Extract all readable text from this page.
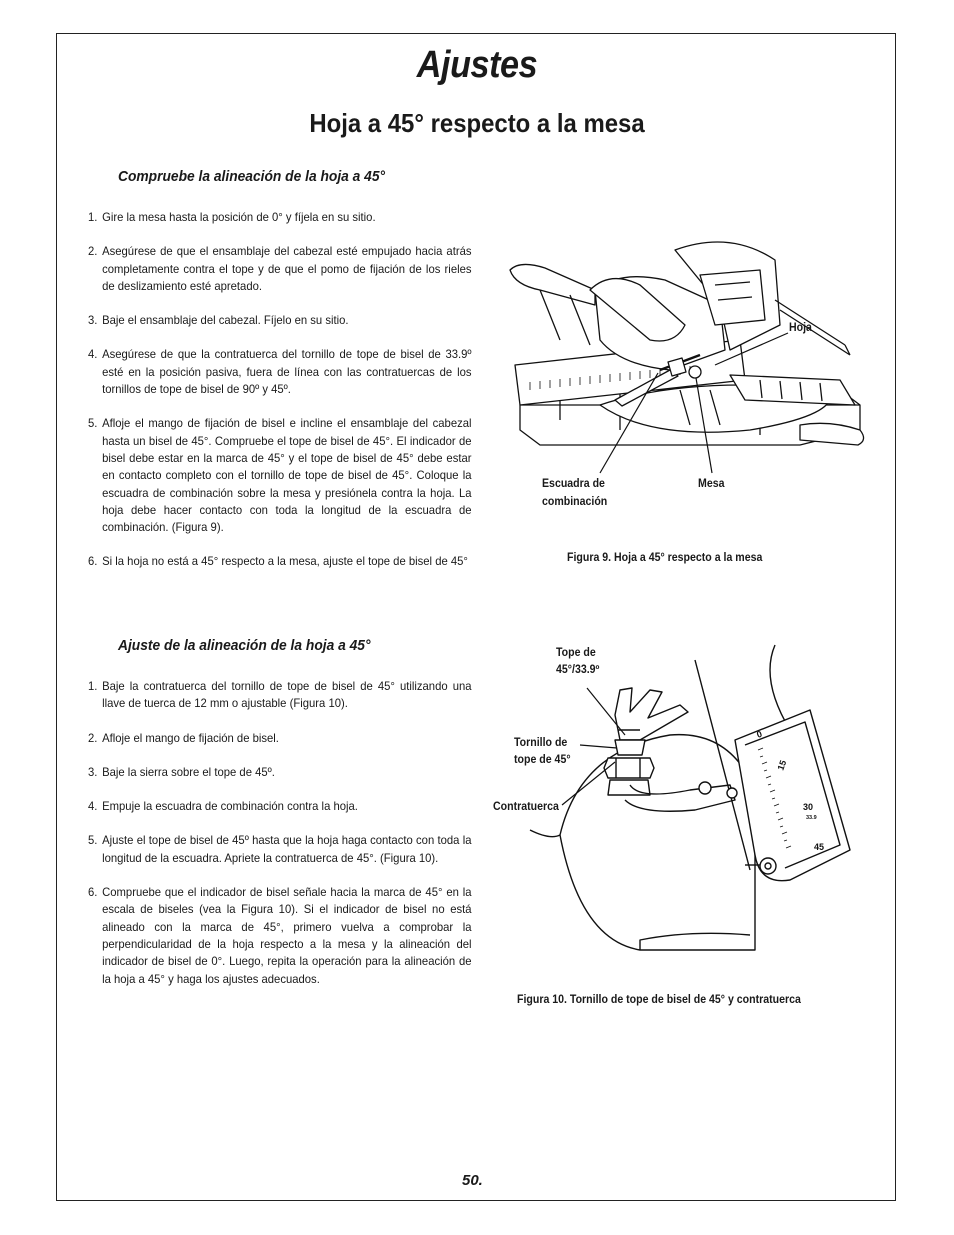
Ajustes
Hoja a 45° respecto a la mesa
Compruebe la alineación de la hoja a 45°
1. Gire la mesa hasta la posición de 0° y fíjela en su sitio.
2. Asegúrese de que el ensamblaje del cabezal esté empujado hacia atrás completamente contra el tope y de que el pomo de fijación de los rieles de deslizamiento esté apretado.
3. Baje el ensamblaje del cabezal. Fíjelo en su sitio.
4. Asegúrese de que la contratuerca del tornillo de tope de bisel de 33.9º esté en la posición pasiva, fuera de línea con las contratuercas de los tornillos de tope de bisel de 90º y 45º.
5. Afloje el mango de fijación de bisel e incline el ensamblaje del cabezal hasta un bisel de 45°. Compruebe el tope de bisel de 45°. El indicador de bisel debe estar en la marca de 45° y el tope de bisel de 45° debe estar en contacto completo con el tornillo de tope de bisel de 45°. Coloque la escuadra de combinación sobre la mesa y presiónela contra la hoja. La hoja debe hacer contacto con toda la longitud de la escuadra de combinación. (Figura 9).
6. Si la hoja no está a 45° respecto a la mesa, ajuste el tope de bisel de 45°
Ajuste de la alineación de la hoja a 45°
1. Baje la contratuerca del tornillo de tope de bisel de 45° utilizando una llave de tuerca de 12 mm o ajustable (Figura 10).
2. Afloje el mango de fijación de bisel.
3. Baje la sierra sobre el tope de 45º.
4. Empuje la escuadra de combinación contra la hoja.
5. Ajuste el tope de bisel de 45º hasta que la hoja haga contacto con toda la longitud de la escuadra. Apriete la contratuerca de 45°. (Figura 10).
6. Compruebe que el indicador de bisel señale hacia la marca de 45° en la escala de biseles (vea la Figura 10). Si el indicador de bisel no está alineado con la marca de 45°, primero vuelva a comprobar la perpendicularidad de la hoja respecto a la mesa y la alineación del indicador de bisel de 0°. Luego, repita la operación para la alineación de la hoja a 45° y haga los ajustes adecuados.
Hoja
Escuadra de
combinación
Mesa
Figura 9. Hoja a 45° respecto a la mesa
0
15
30
33.9
45
Tope de
45°/33.9º
Tornillo de
tope de 45°
Contratuerca
Figura 10. Tornillo de tope de bisel de 45° y contratuerca
50.
